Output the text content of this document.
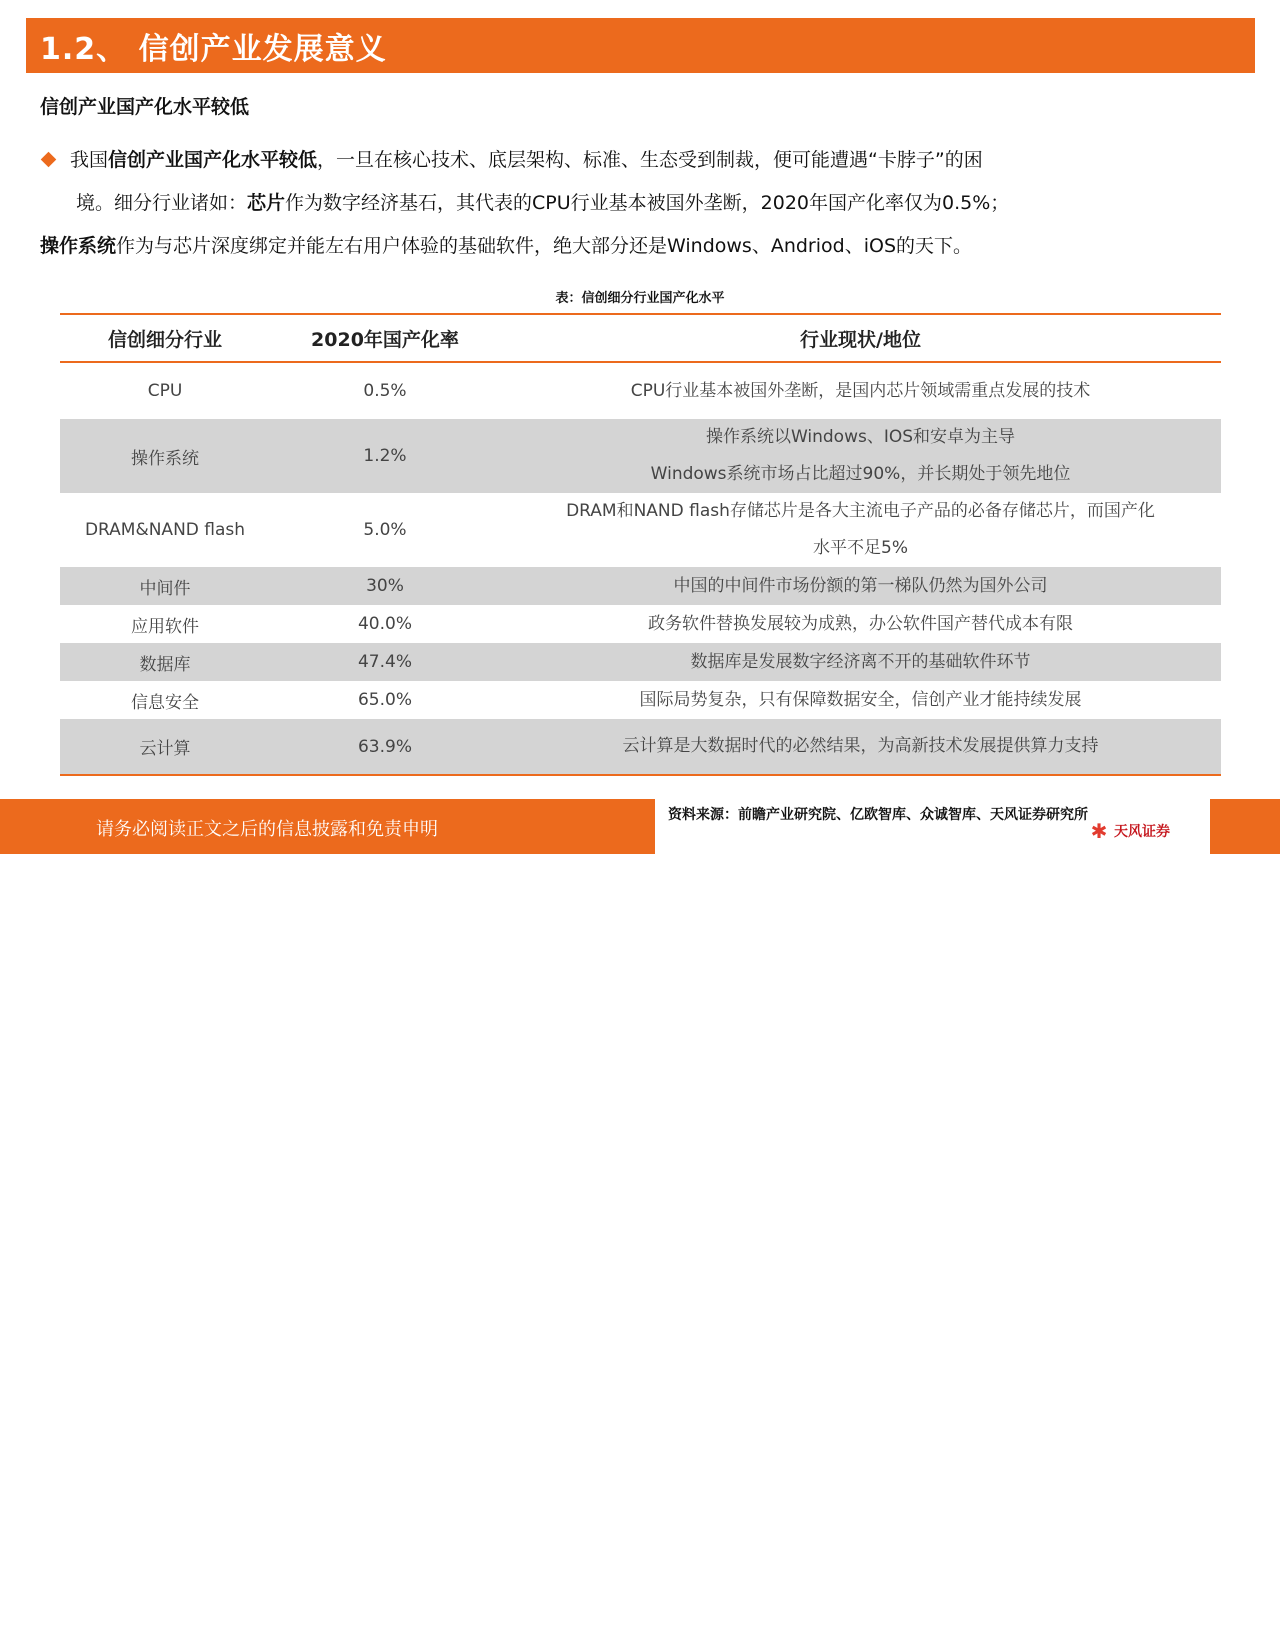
1.2、 信创产业发展意义
信创产业国产化水平较低
我国信创产业国产化水平较低，一旦在核心技术、底层架构、标准、生态受到制裁，便可能遭遇“卡脖子”的困
境。细分行业诸如：芯片作为数字经济基石，其代表的CPU行业基本被国外垄断，2020年国产化率仅为0.5%；
操作系统作为与芯片深度绑定并能左右用户体验的基础软件，绝大部分还是Windows、Andriod、iOS的天下。
表：信创细分行业国产化水平
信创细分行业	2020年国产化率	行业现状/地位
CPU	0.5%	CPU行业基本被国外垄断，是国内芯片领域需重点发展的技术

操作系统	1.2%	操作系统以Windows、IOS和安卓为主导
Windows系统市场占比超过90%，并长期处于领先地位

DRAM&NAND flash	5.0%	DRAM和NAND flash存储芯片是各大主流电子产品的必备存储芯片，而国产化
水平不足5%

中间件	30%	中国的中间件市场份额的第一梯队仍然为国外公司

应用软件	40.0%	政务软件替换发展较为成熟，办公软件国产替代成本有限

数据库	47.4%	数据库是发展数字经济离不开的基础软件环节

信息安全	65.0%	国际局势复杂，只有保障数据安全，信创产业才能持续发展

云计算	63.9%	云计算是大数据时代的必然结果，为高新技术发展提供算力支持
请务必阅读正文之后的信息披露和免责申明
8
资料来源：前瞻产业研究院、亿欧智库、众诚智库、天风证券研究所
✱ 天风证券
